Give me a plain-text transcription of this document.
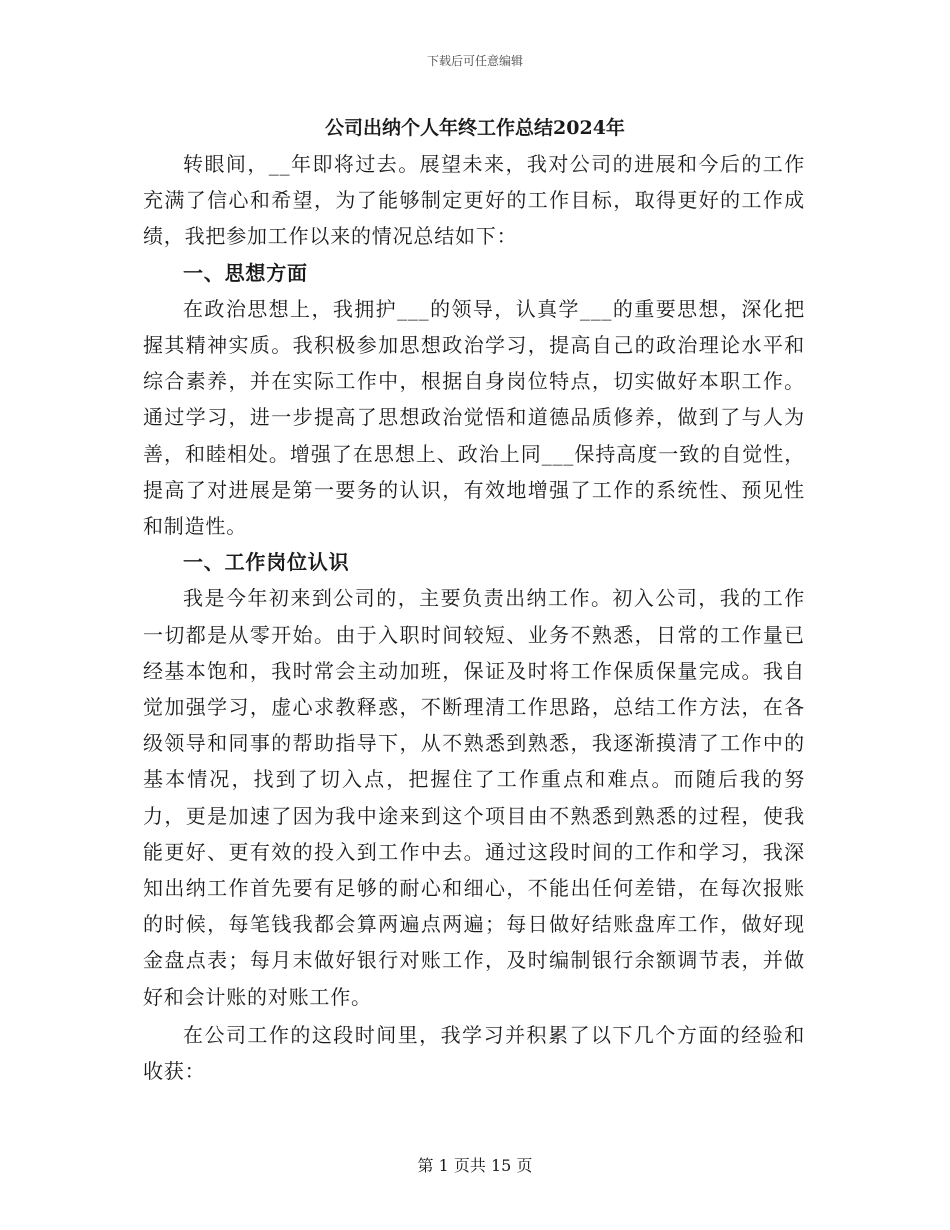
下载后可任意编辑
公司出纳个人年终工作总结2024年

转眼间，__年即将过去。展望未来，我对公司的进展和今后的工作充满了信心和希望，为了能够制定更好的工作目标，取得更好的工作成绩，我把参加工作以来的情况总结如下：

一、思想方面

在政治思想上，我拥护___的领导，认真学___的重要思想，深化把握其精神实质。我积极参加思想政治学习，提高自己的政治理论水平和综合素养，并在实际工作中，根据自身岗位特点，切实做好本职工作。通过学习，进一步提高了思想政治觉悟和道德品质修养，做到了与人为善，和睦相处。增强了在思想上、政治上同___保持高度一致的自觉性，提高了对进展是第一要务的认识，有效地增强了工作的系统性、预见性和制造性。

一、工作岗位认识

我是今年初来到公司的，主要负责出纳工作。初入公司，我的工作一切都是从零开始。由于入职时间较短、业务不熟悉，日常的工作量已经基本饱和，我时常会主动加班，保证及时将工作保质保量完成。我自觉加强学习，虚心求教释惑，不断理清工作思路，总结工作方法，在各级领导和同事的帮助指导下，从不熟悉到熟悉，我逐渐摸清了工作中的基本情况，找到了切入点，把握住了工作重点和难点。而随后我的努力，更是加速了因为我中途来到这个项目由不熟悉到熟悉的过程，使我能更好、更有效的投入到工作中去。通过这段时间的工作和学习，我深知出纳工作首先要有足够的耐心和细心，不能出任何差错，在每次报账的时候，每笔钱我都会算两遍点两遍；每日做好结账盘库工作，做好现金盘点表；每月末做好银行对账工作，及时编制银行余额调节表，并做好和会计账的对账工作。

在公司工作的这段时间里，我学习并积累了以下几个方面的经验和收获：

第 1 页共 15 页
